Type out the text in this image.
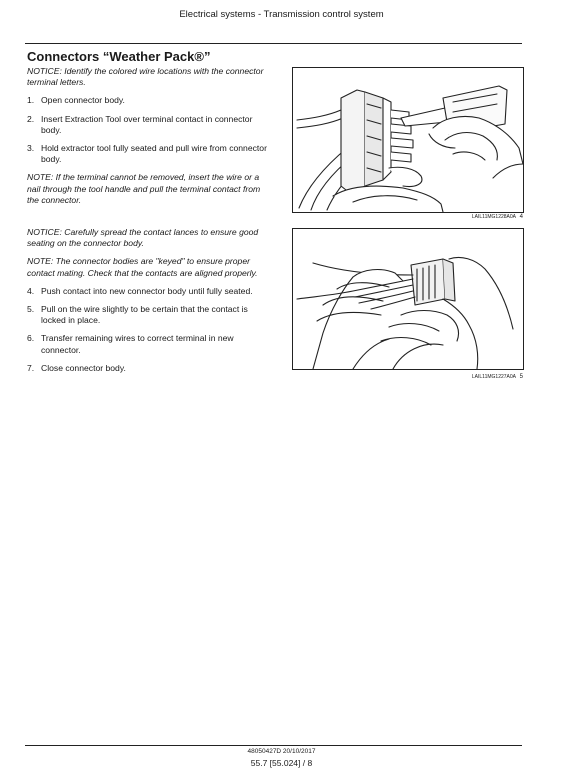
Electrical systems - Transmission control system
Connectors “Weather Pack®”

NOTICE: Identify the colored wire locations with the connector terminal letters.

1. Open connector body.
2. Insert Extraction Tool over terminal contact in connector body.
3. Hold extractor tool fully seated and pull wire from connector body.

NOTE: If the terminal cannot be removed, insert the wire or a nail through the tool handle and pull the terminal contact from the connector.

NOTICE: Carefully spread the contact lances to ensure good seating on the connector body.

NOTE: The connector bodies are "keyed" to ensure proper contact mating. Check that the contacts are aligned properly.

4. Push contact into new connector body until fully seated.
5. Pull on the wire slightly to be certain that the contact is locked in place.
6. Transfer remaining wires to correct terminal in new connector.
7. Close connector body.
LAIL11MG1228A0A 4
LAIL11MG1227A0A 5
48050427D 20/10/2017
55.7 [55.024] / 8
